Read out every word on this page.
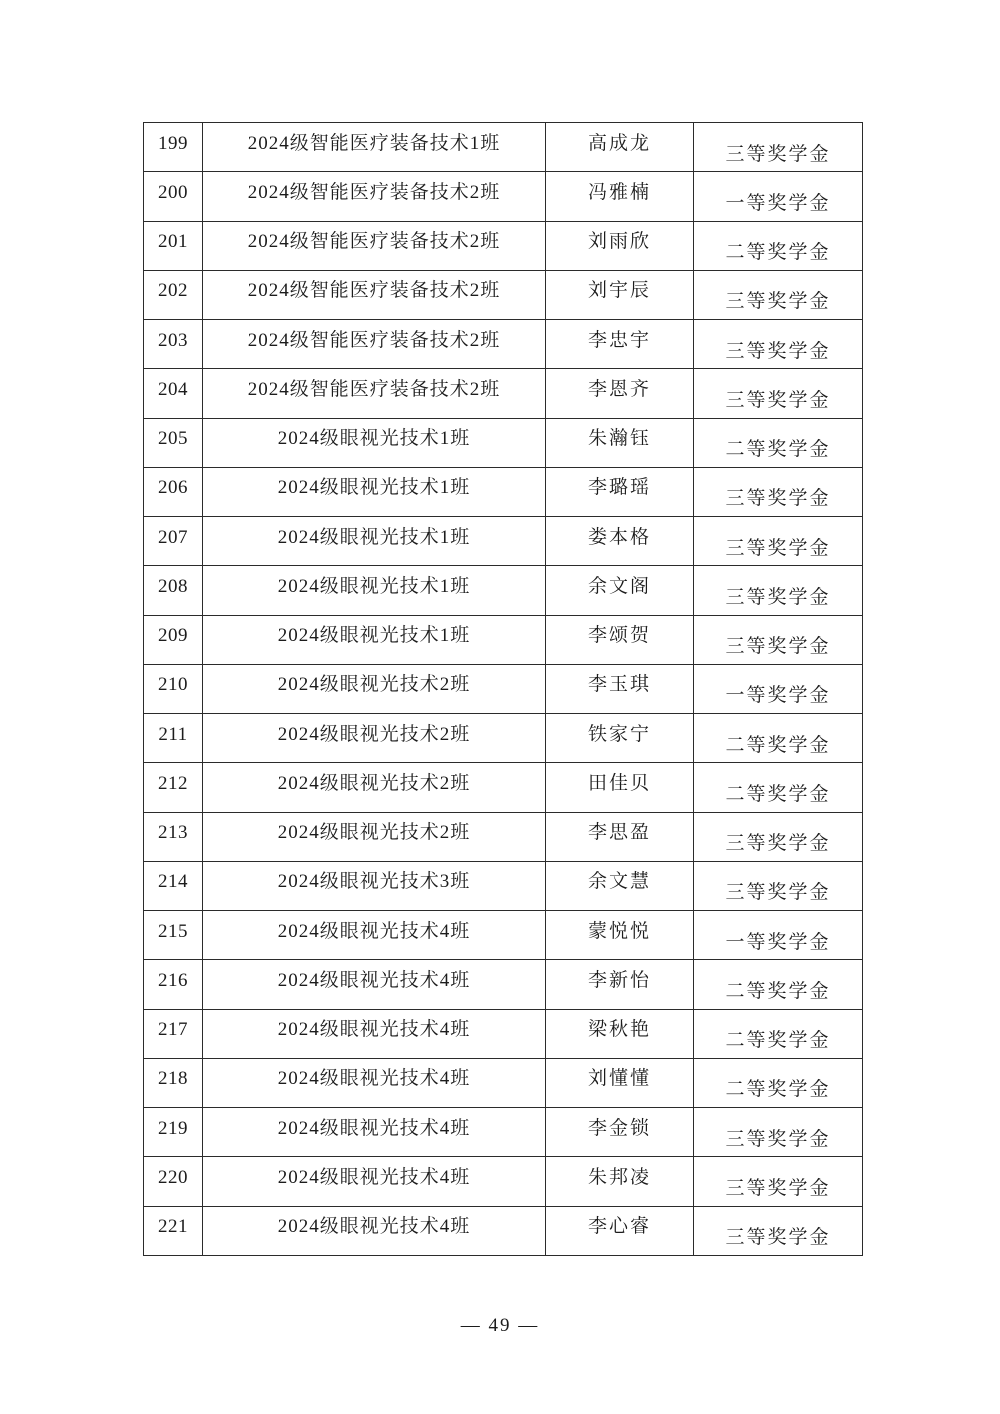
199	2024级智能医疗装备技术1班	高成龙	三等奖学金
200	2024级智能医疗装备技术2班	冯雅楠	一等奖学金
201	2024级智能医疗装备技术2班	刘雨欣	二等奖学金
202	2024级智能医疗装备技术2班	刘宇辰	三等奖学金
203	2024级智能医疗装备技术2班	李忠宇	三等奖学金
204	2024级智能医疗装备技术2班	李恩齐	三等奖学金
205	2024级眼视光技术1班	朱瀚钰	二等奖学金
206	2024级眼视光技术1班	李璐瑶	三等奖学金
207	2024级眼视光技术1班	娄本格	三等奖学金
208	2024级眼视光技术1班	余文阁	三等奖学金
209	2024级眼视光技术1班	李颂贺	三等奖学金
210	2024级眼视光技术2班	李玉琪	一等奖学金
211	2024级眼视光技术2班	铁家宁	二等奖学金
212	2024级眼视光技术2班	田佳贝	二等奖学金
213	2024级眼视光技术2班	李思盈	三等奖学金
214	2024级眼视光技术3班	余文慧	三等奖学金
215	2024级眼视光技术4班	蒙悦悦	一等奖学金
216	2024级眼视光技术4班	李新怡	二等奖学金
217	2024级眼视光技术4班	梁秋艳	二等奖学金
218	2024级眼视光技术4班	刘懂懂	二等奖学金
219	2024级眼视光技术4班	李金锁	三等奖学金
220	2024级眼视光技术4班	朱邦凌	三等奖学金
221	2024级眼视光技术4班	李心睿	三等奖学金
— 49 —
